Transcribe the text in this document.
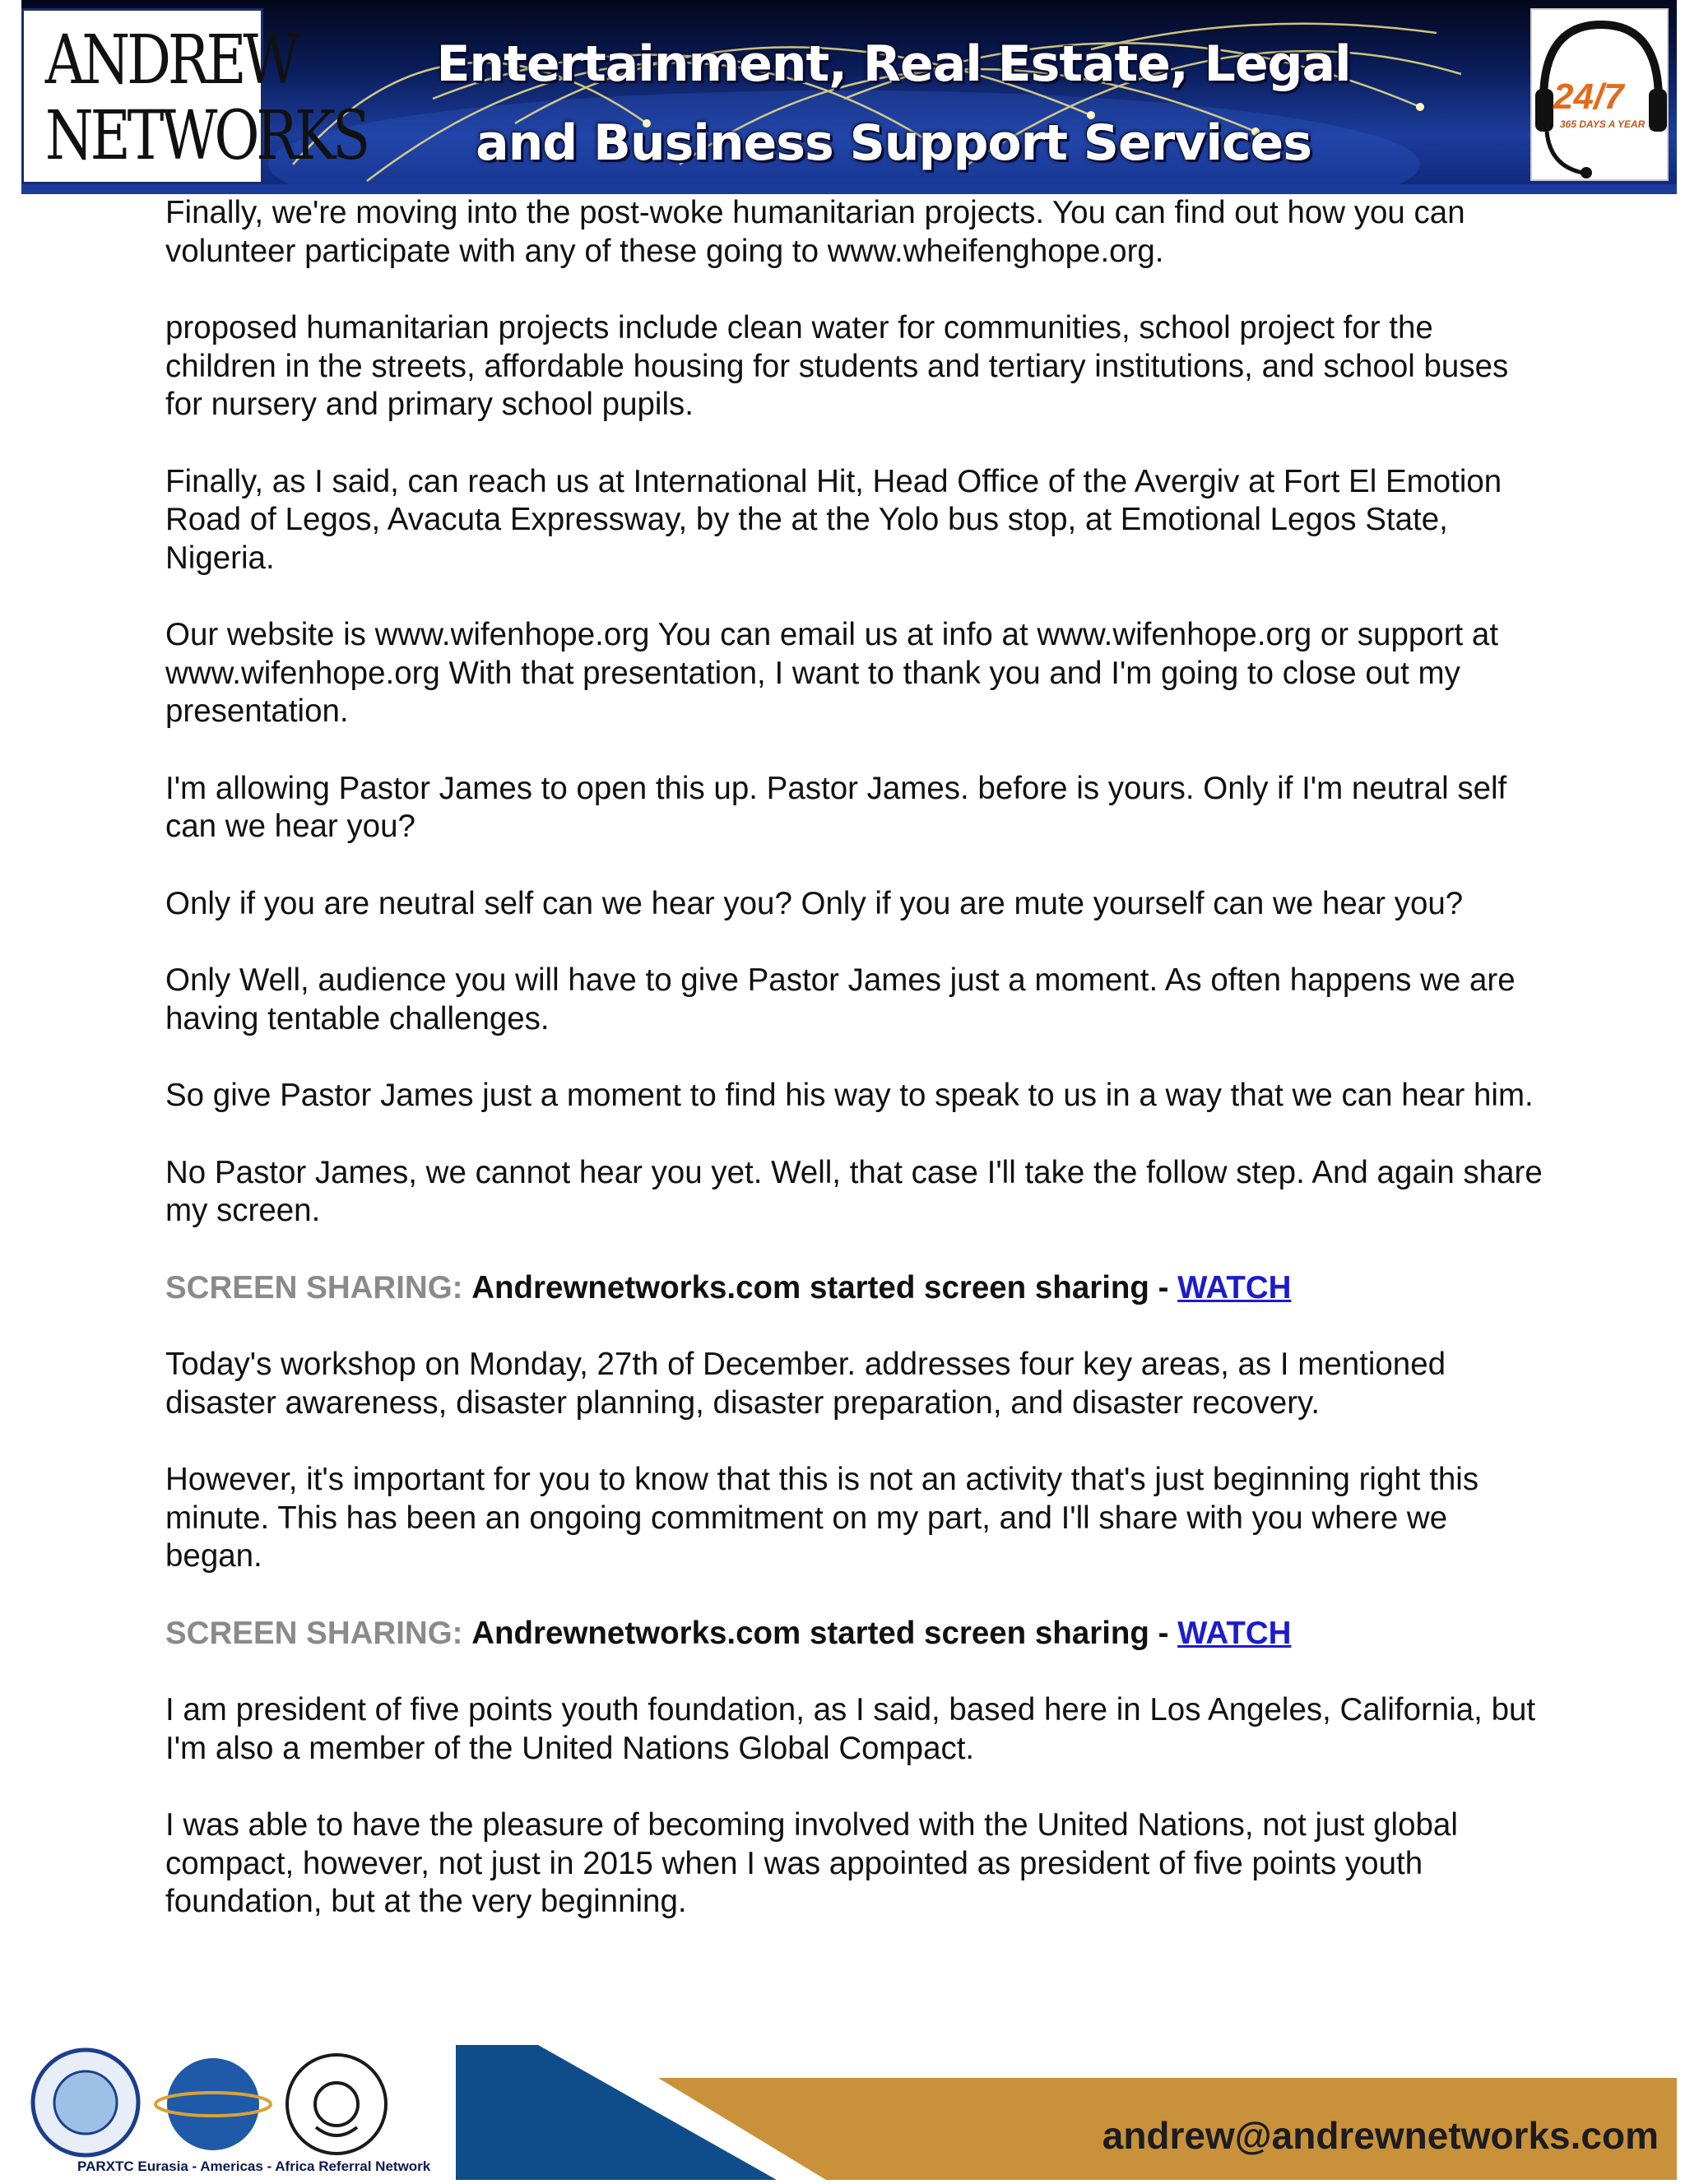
ANDREW
NETWORKS
Entertainment, Real Estate, Legal
and Business Support Services
24/7
365 DAYS A YEAR

Finally, we're moving into the post-woke humanitarian projects. You can find out how you can volunteer participate with any of these going to www.wheifenghope.org.

proposed humanitarian projects include clean water for communities, school project for the children in the streets, affordable housing for students and tertiary institutions, and school buses for nursery and primary school pupils.

Finally, as I said, can reach us at International Hit, Head Office of the Avergiv at Fort El Emotion Road of Legos, Avacuta Expressway, by the at the Yolo bus stop, at Emotional Legos State, Nigeria.

Our website is www.wifenhope.org You can email us at info at www.wifenhope.org or support at www.wifenhope.org With that presentation, I want to thank you and I'm going to close out my presentation.

I'm allowing Pastor James to open this up. Pastor James. before is yours. Only if I'm neutral self can we hear you?

Only if you are neutral self can we hear you? Only if you are mute yourself can we hear you?

Only Well, audience you will have to give Pastor James just a moment. As often happens we are having tentable challenges.

So give Pastor James just a moment to find his way to speak to us in a way that we can hear him.

No Pastor James, we cannot hear you yet. Well, that case I'll take the follow step. And again share my screen.

SCREEN SHARING: Andrewnetworks.com started screen sharing - WATCH

Today's workshop on Monday, 27th of December. addresses four key areas, as I mentioned disaster awareness, disaster planning, disaster preparation, and disaster recovery.

However, it's important for you to know that this is not an activity that's just beginning right this minute. This has been an ongoing commitment on my part, and I'll share with you where we began.

SCREEN SHARING: Andrewnetworks.com started screen sharing - WATCH

I am president of five points youth foundation, as I said, based here in Los Angeles, California, but I'm also a member of the United Nations Global Compact.

I was able to have the pleasure of becoming involved with the United Nations, not just global compact, however, not just in 2015 when I was appointed as president of five points youth foundation, but at the very beginning.

PARXTC Eurasia - Americas - Africa Referral Network
andrew@andrewnetworks.com
